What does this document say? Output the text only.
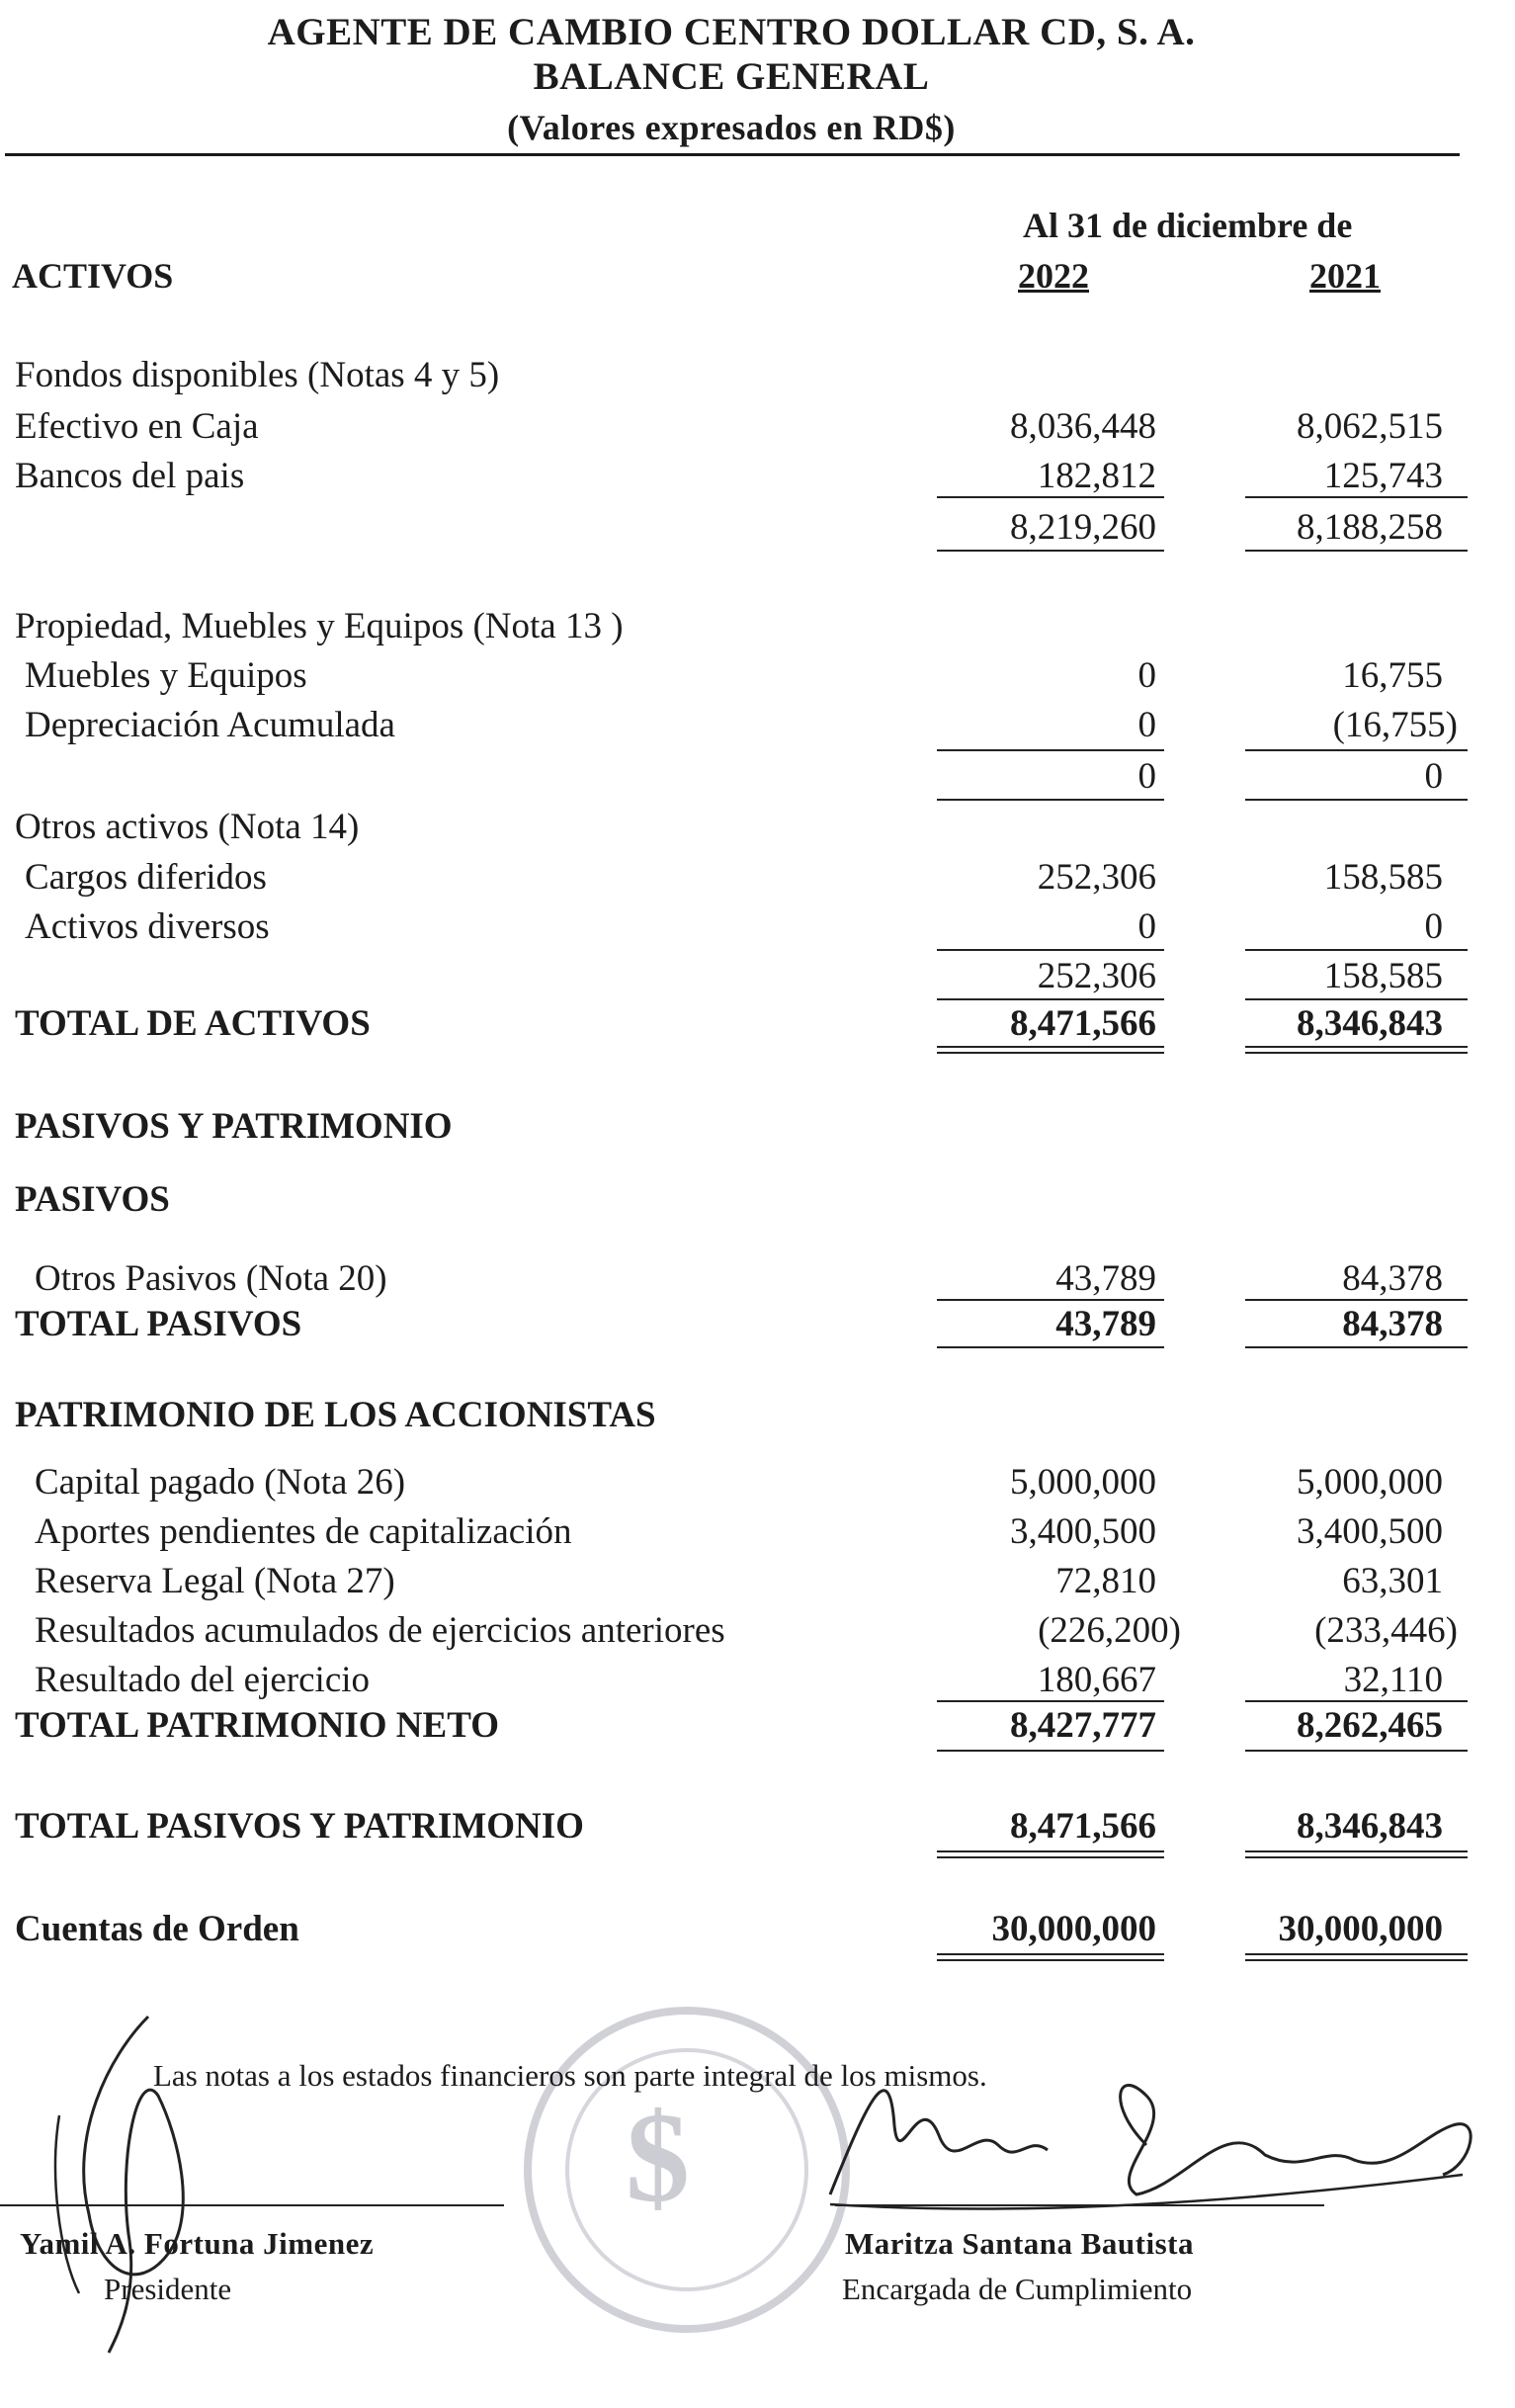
AGENTE DE CAMBIO CENTRO DOLLAR CD, S. A.
BALANCE GENERAL
(Valores expresados en RD$)
Al 31 de diciembre de
ACTIVOS	2022	2021
Fondos disponibles (Notas 4 y 5)
Efectivo en Caja	8,036,448	8,062,515
Bancos del pais	182,812	125,743
8,219,260	8,188,258
Propiedad, Muebles y Equipos (Nota 13 )
Muebles y Equipos	0	16,755
Depreciación Acumulada	0	(16,755)
0	0
Otros activos (Nota 14)
Cargos diferidos	252,306	158,585
Activos diversos	0	0
252,306	158,585
TOTAL DE ACTIVOS	8,471,566	8,346,843
PASIVOS Y PATRIMONIO
PASIVOS
Otros Pasivos (Nota 20)	43,789	84,378
TOTAL PASIVOS	43,789	84,378
PATRIMONIO DE LOS ACCIONISTAS
Capital pagado (Nota 26)	5,000,000	5,000,000
Aportes pendientes de capitalización	3,400,500	3,400,500
Reserva Legal (Nota 27)	72,810	63,301
Resultados acumulados de ejercicios anteriores	(226,200)	(233,446)
Resultado del ejercicio	180,667	32,110
TOTAL PATRIMONIO NETO	8,427,777	8,262,465
TOTAL PASIVOS Y PATRIMONIO	8,471,566	8,346,843
Cuentas de Orden	30,000,000	30,000,000
$
Las notas a los estados financieros son parte integral de los mismos.
Yamil A. Fortuna Jimenez
Presidente
Maritza Santana Bautista
Encargada de Cumplimiento
